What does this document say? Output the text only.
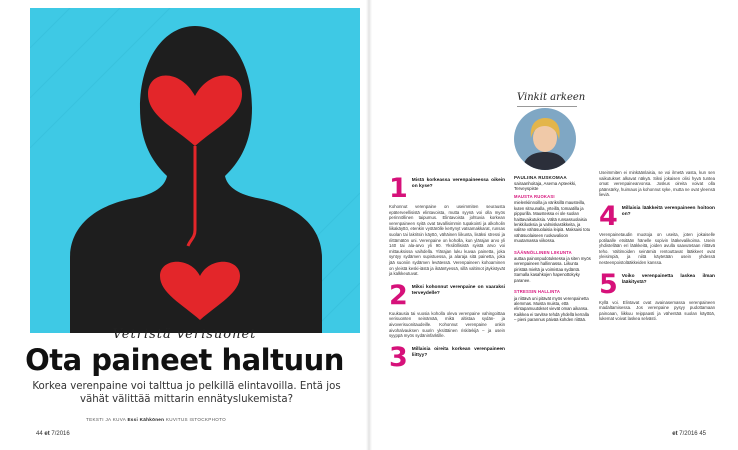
Vetristä verisuonet
Ota paineet haltuun
Korkea verenpaine voi talttua jo pelkillä elintavoilla. Entä jos vähät välittää mittarin ennätyslukemista?
TEKSTI JA KUVA Essi Kähkönen KUVITUS ISTOCKPHOTO
44 et 7/2016
Vinkit arkeen
PAULIINA RUSKOMAA
sairaanhoitaja, Asema Apteekki, Terveyspiste
MAUSTA RUOKASI
mielenkiinnoilla ja väriksillä mausteilla, kuten sitruunalla, yrteillä, tomaatilla ja pippurilla. Mausteissa ei ole suolan haittavaikutuksia. Vältä runsassuolaisia lenkkiluoksia ja valmiskastikkeita, ja valitse vähäsuolaisia leipiä. Maksaisi totu vähäsuolaiseen ruokavalioon muutamassa viikossa.
SÄÄNNÖLLINEN LIIKUNTA
auttaa painonpudotuksessa ja siten myös verenpaineen hallinnassa. Liikunta piristää mieltä ja voimistaa sydäntä. Sarnalla kasahkojen hapenottokyky paranee.
STRESSIN HALLINTA
ja riittävä uni pitävät myös verenpainetta alemmas. Muista muista, että elintapamuutokset vievät oman aikansa. Kaikkea ei tarvitse tehdä yhdellä kerralla – pieni parannus päivää kohden riittää.
1 Mistä korkeassa verenpaineessa oikein on kyse?

Kohonnut verenpaine on useimmiten seurausta epäterveellisistä elintavoista, mutta syynä voi olla myös perinnöllinen taipumus. Elintavoista johtuvia korkean verenpaineen syitä ovat tavallisimmin tupakointi ja alkoholin liikakäyttö, etenkin vyötärölle kertynyt vatsamakkarat, runsas suolan tai lakritsin käyttö, vähäinen liikunta, lisäksi stressi ja riittämätön uni. Verenpaine on koholla, kun ylärajan arvo yli 140 tai ala-arvo yli 90. Yksilöllisistä syistä arvo voi mittauksissa vaihdella. Ylärajan luku kuvaa painetta, joka syntyy sydämen supistuessa, ja alaraja sitä painetta, joka jää suoniin sydämen levätessä. Verenpaineen kohoaminen on yleistä keski-iästä ja ikääntyessä, sillä valtimot jäykistyvät ja kalkkeutuvat.

2 Miksi kohonnut verenpaine on vaaraksi terveydelle?

Kuukausia tai vuosia koholla oleva verenpaine vahingoittaa verisuonten seinämää, mikä altistaa sydän- ja aivoverisuonitaudeille. Kohonnut verenpaine onkin aivohalvauksen suurin yksittäinen riskitekijä – ja usein syyppä myös sydäninfarktille.

3 Millaisia oireita korkean verenpaineen liittyy?

Useimmiten ei minkäänlaisia, se voi ilmetä vasta, kun sen vaikutukset alkavat näkyä. Siksi jokaisen olisi hyvä tuntea omat verenpainearvonsa. Joskus oireita voivat olla päänsärky, huimaus ja kohonnut syke, mutta ne ovat yleensä lieviä.

4 Millaisia lääkkeitä verenpaineen hoitoon on?

Verenpainetaudin muotoja on useita, joten jokaiselle potilaalle etsitään hänelle sopivin lääkevalikoima. Usein yhdistellään eri lääkkeitä, joiden avulla saavutetaan riittävä teho. Valtimoiden seinämiä rentouttavat lääkkeet ovat yleisimpiä, ja niitä käytetään usein yhdessä nesteenpoistolääkkeiden kanssa.

5 Voiko verenpainetta laskea ilman lääkitystä?

Kyllä voi. Elintavat ovat avainasemassa verenpaineen madaltamisessa. Jos verenpaine pysyy pudottamaan painoaan, liikkuu reippaasti ja vähentää suolan käyttöä, lukemat voivat laskea selvästi.

et 7/2016 45
